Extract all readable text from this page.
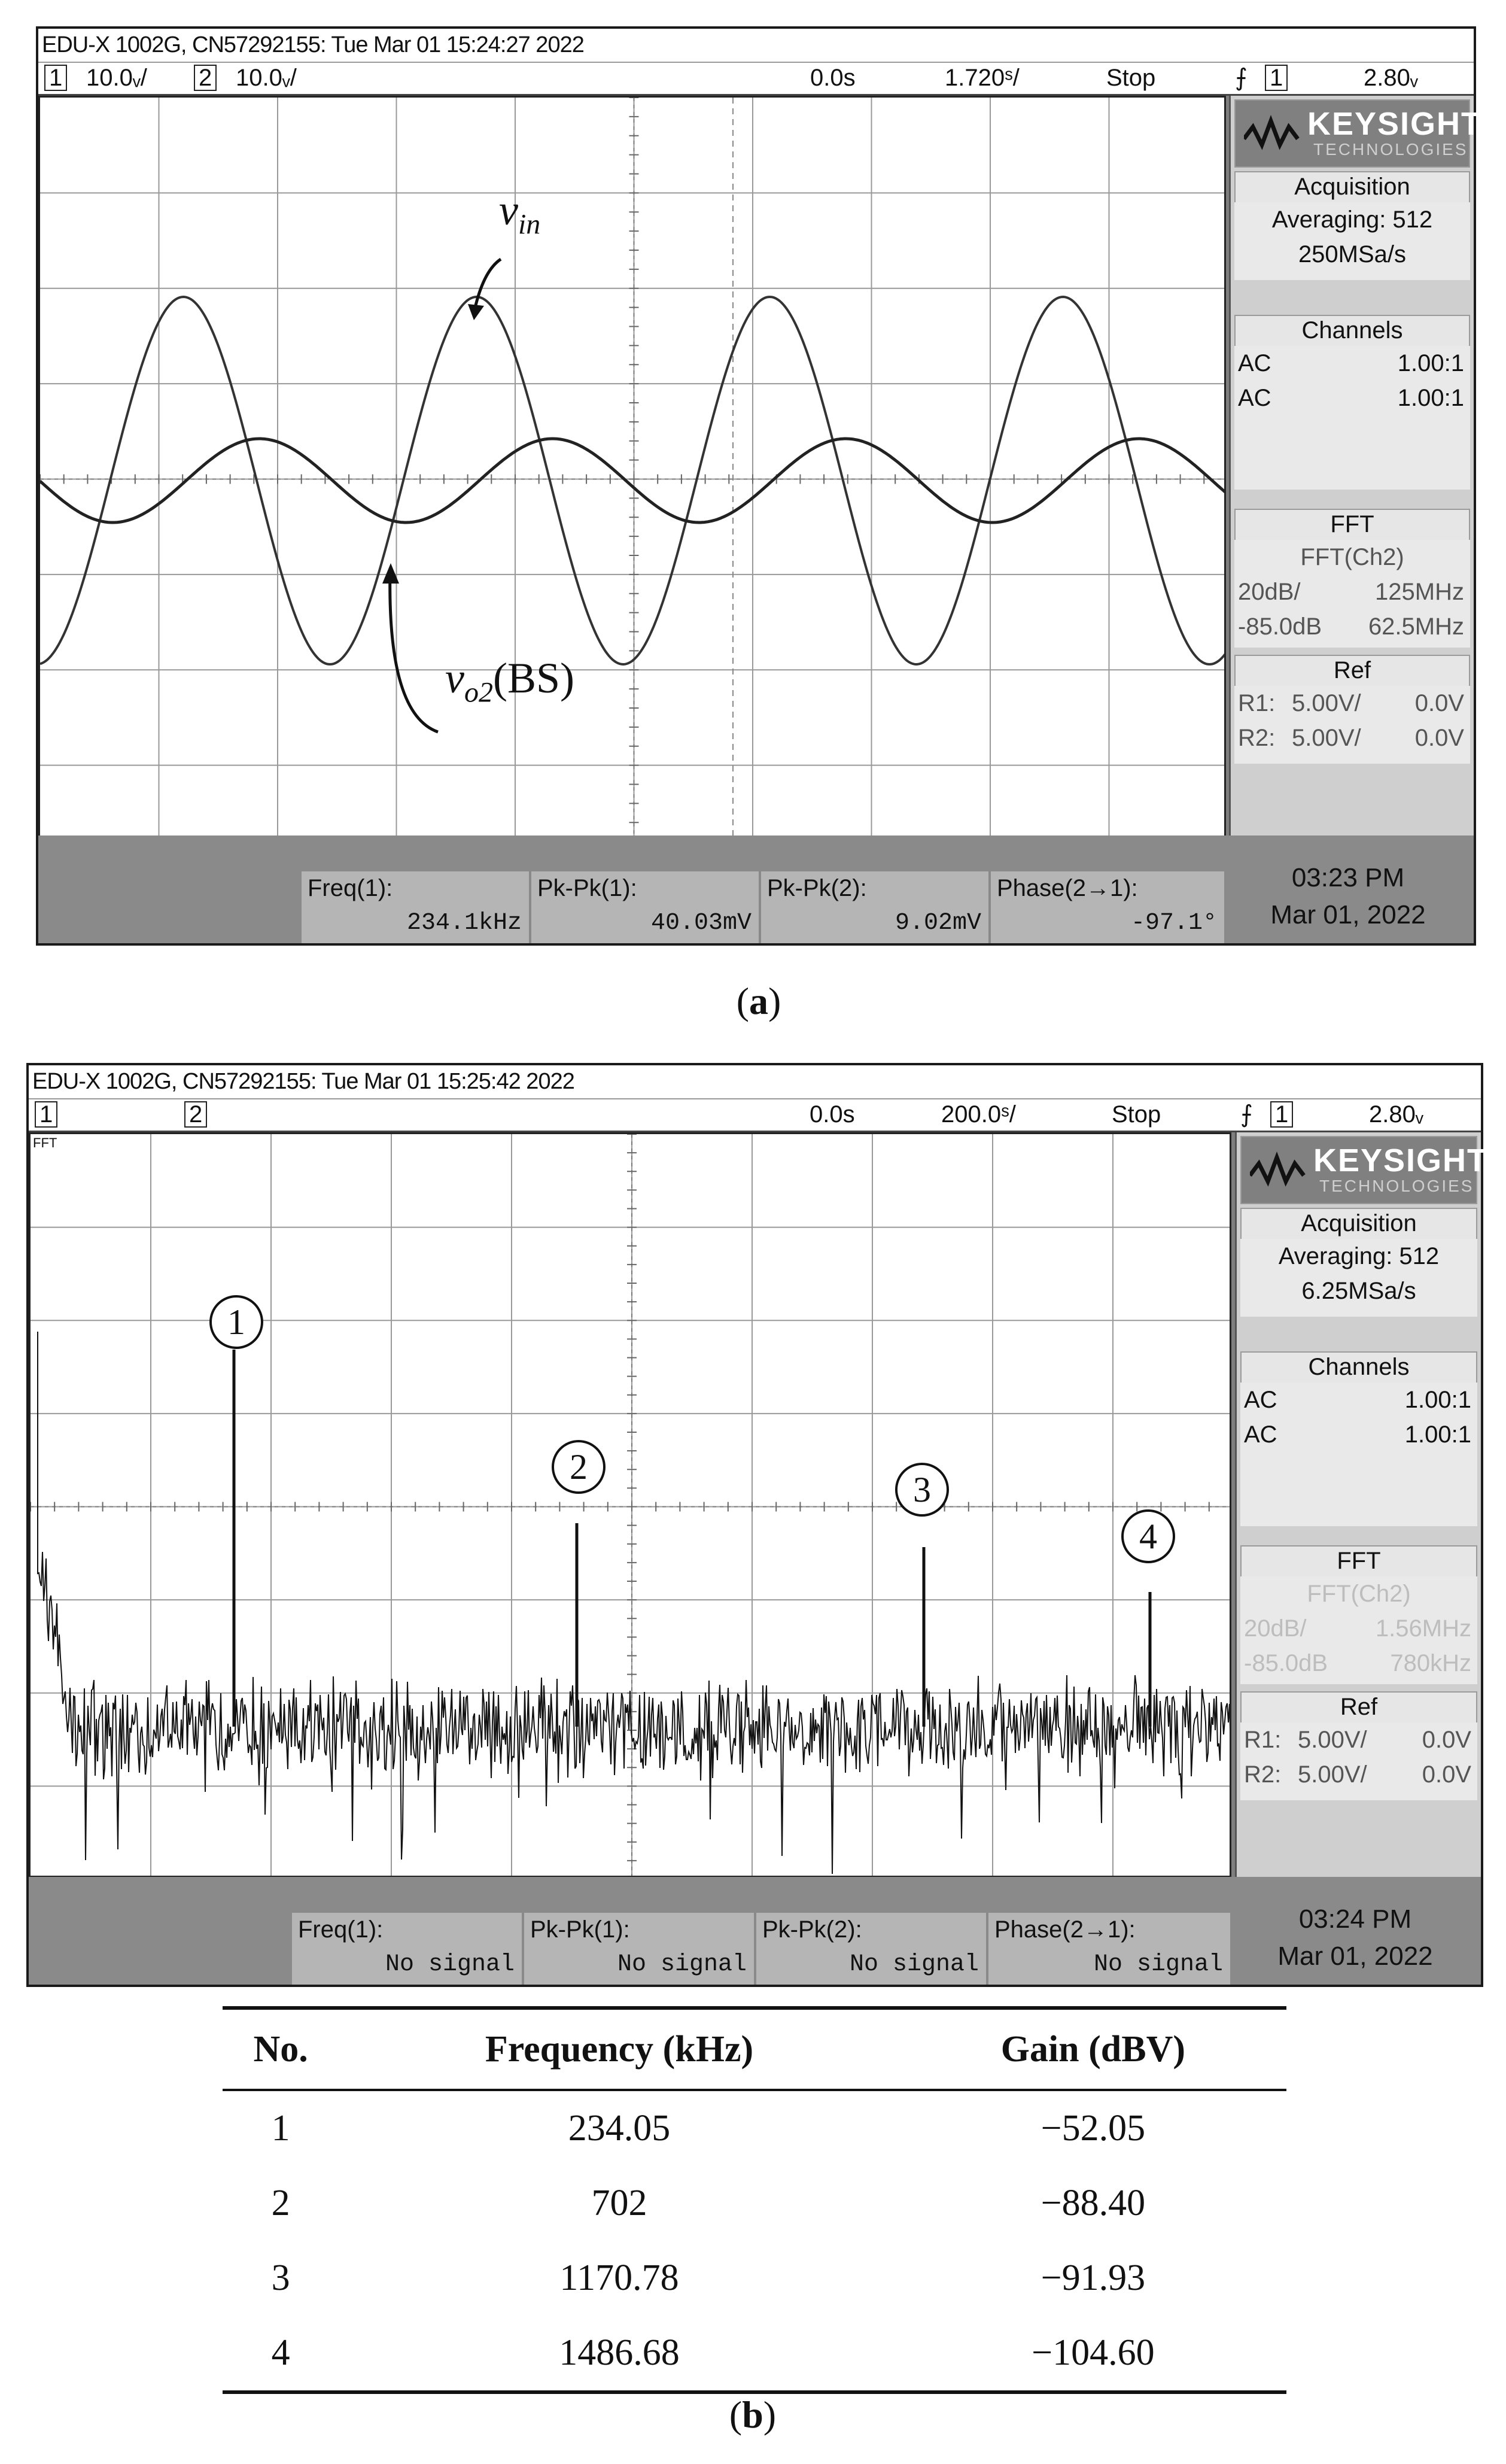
EDU-X 1002G, CN57292155: Tue Mar 01 15:24:27 2022
1 10.0ᵥ/ 2 10.0ᵥ/	0.0s	1.720ˢ/	Stop	⨍ 1	2.80ᵥ
$v_{in}$
$v_{o2}(BS)$
KEYSIGHT
TECHNOLOGIES
Acquisition
Averaging: 512
250MSa/s
Channels
AC	1.00:1
AC	1.00:1
FFT
FFT(Ch2)
20dB/	125MHz
-85.0dB 62.5MHz
Ref
R1: 5.00V/ 0.0V
R2: 5.00V/ 0.0V
Freq(1):
234.1kHz
Pk-Pk(1):
40.03mV
Pk-Pk(2):
9.02mV
Phase(2→1):
-97.1°
03:23 PM
Mar 01, 2022
(a)
EDU-X 1002G, CN57292155: Tue Mar 01 15:25:42 2022
1	2	0.0s	200.0ˢ/	Stop	⨍ 1	2.80ᵥ
FFT
1
2
3
4
KEYSIGHT
TECHNOLOGIES
Acquisition
Averaging: 512
6.25MSa/s
Channels
AC	1.00:1
AC	1.00:1
FFT
FFT(Ch2)
20dB/	1.56MHz
-85.0dB	780kHz
Ref
R1: 5.00V/ 0.0V
R2: 5.00V/ 0.0V
Freq(1):
No signal
Pk-Pk(1):
No signal
Pk-Pk(2):
No signal
Phase(2→1):
No signal
03:24 PM
Mar 01, 2022
No.	Frequency (kHz)	Gain (dBV)
1	234.05	−52.05
2	702	−88.40
3	1170.78	−91.93
4	1486.68	−104.60
(b)
